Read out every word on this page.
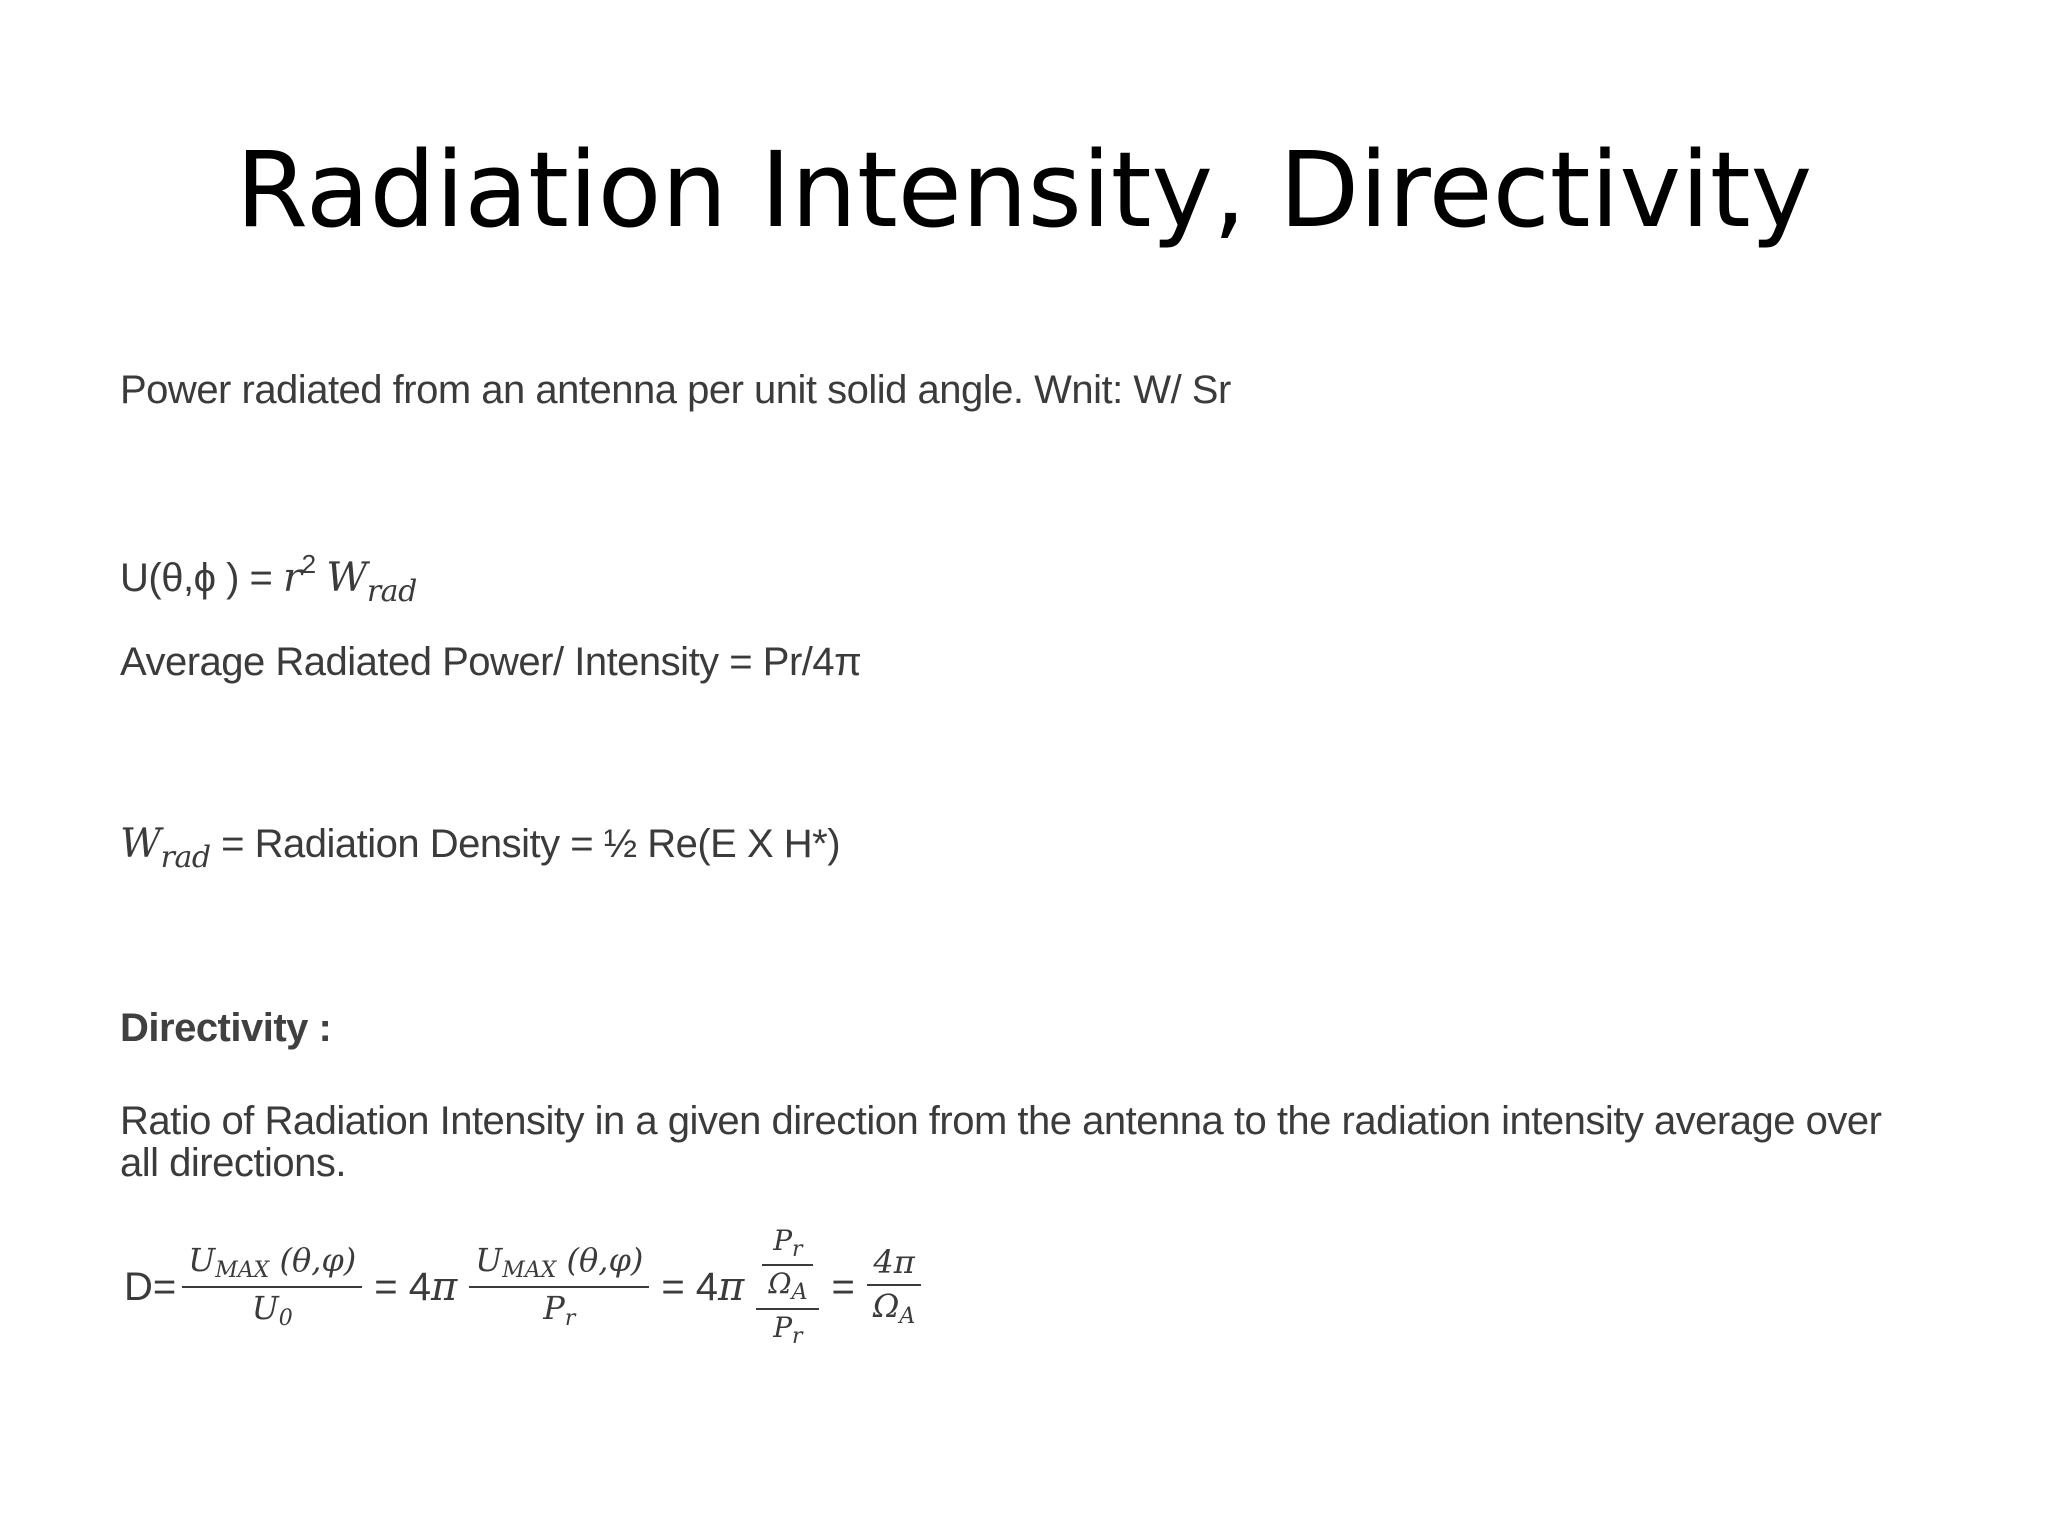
Radiation Intensity, Directivity
Power radiated from an antenna per unit solid angle. Wnit: W/ Sr
U(θ,ϕ ) = $r^2$ $W_{rad}$
Average Radiated Power/ Intensity = Pr/4π
$W_{rad}$ = Radiation Density = ½ Re(E X H*)
Directivity :
Ratio of Radiation Intensity in a given direction from the antenna to the radiation intensity average over all directions.
$D= \frac{\text{UMAX (θ,φ)}}{U0} = 4\pi \frac{\text{UMAX (θ,φ)}}{Pr} = 4\pi \frac{\frac{P_r}{\Omega_A}}{P_r} = \frac{4\pi}{\Omega A}$
